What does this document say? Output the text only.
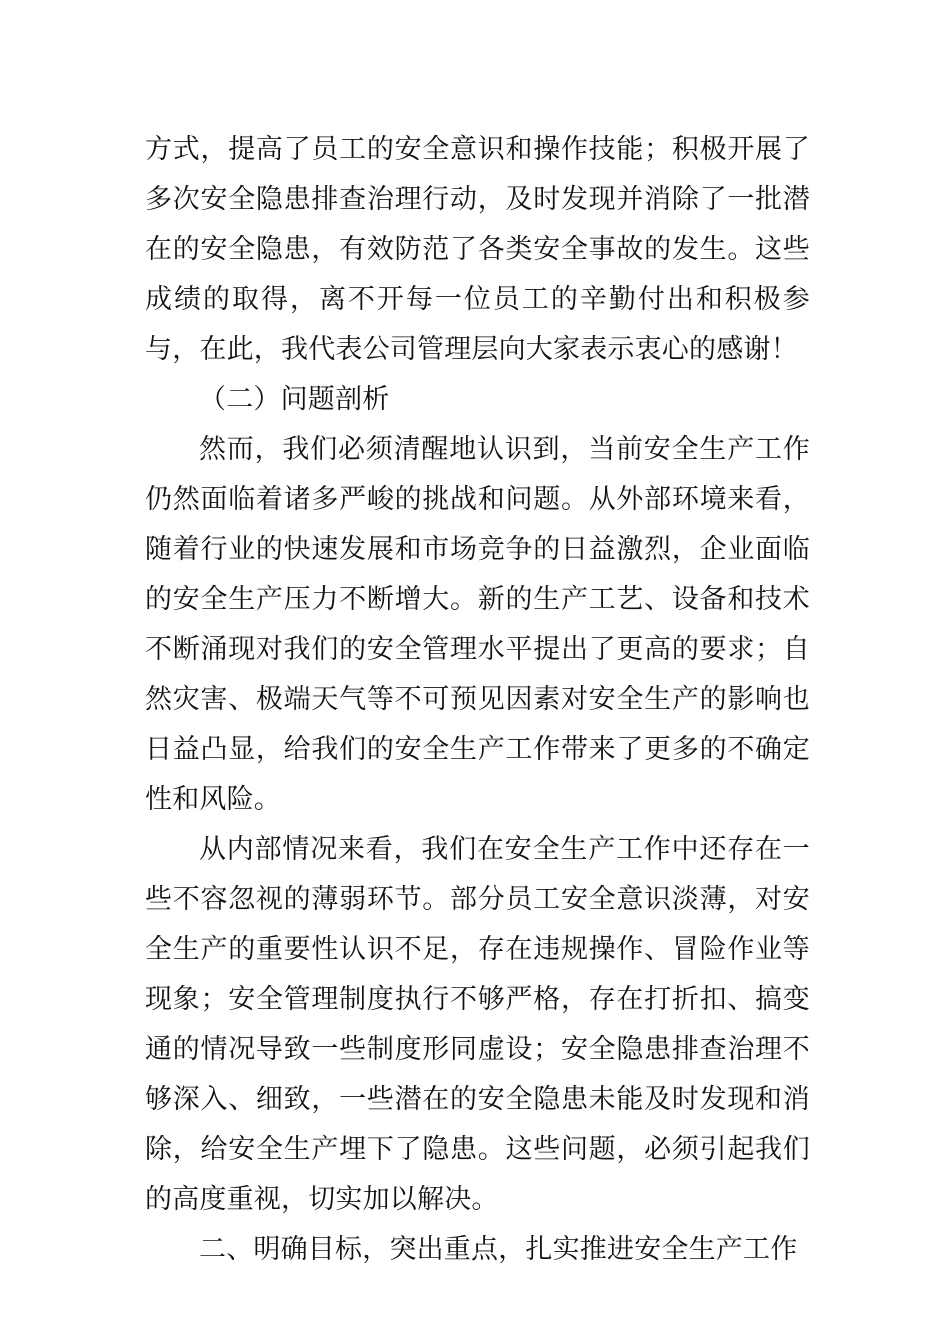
方式，提高了员工的安全意识和操作技能；积极开展了多次安全隐患排查治理行动，及时发现并消除了一批潜在的安全隐患，有效防范了各类安全事故的发生。这些成绩的取得，离不开每一位员工的辛勤付出和积极参与，在此，我代表公司管理层向大家表示衷心的感谢！

（二）问题剖析

然而，我们必须清醒地认识到，当前安全生产工作仍然面临着诸多严峻的挑战和问题。从外部环境来看，随着行业的快速发展和市场竞争的日益激烈，企业面临的安全生产压力不断增大。新的生产工艺、设备和技术不断涌现对我们的安全管理水平提出了更高的要求；自然灾害、极端天气等不可预见因素对安全生产的影响也日益凸显，给我们的安全生产工作带来了更多的不确定性和风险。

从内部情况来看，我们在安全生产工作中还存在一些不容忽视的薄弱环节。部分员工安全意识淡薄，对安全生产的重要性认识不足，存在违规操作、冒险作业等现象；安全管理制度执行不够严格，存在打折扣、搞变通的情况导致一些制度形同虚设；安全隐患排查治理不够深入、细致，一些潜在的安全隐患未能及时发现和消除，给安全生产埋下了隐患。这些问题，必须引起我们的高度重视，切实加以解决。

二、明确目标，突出重点，扎实推进安全生产工作
